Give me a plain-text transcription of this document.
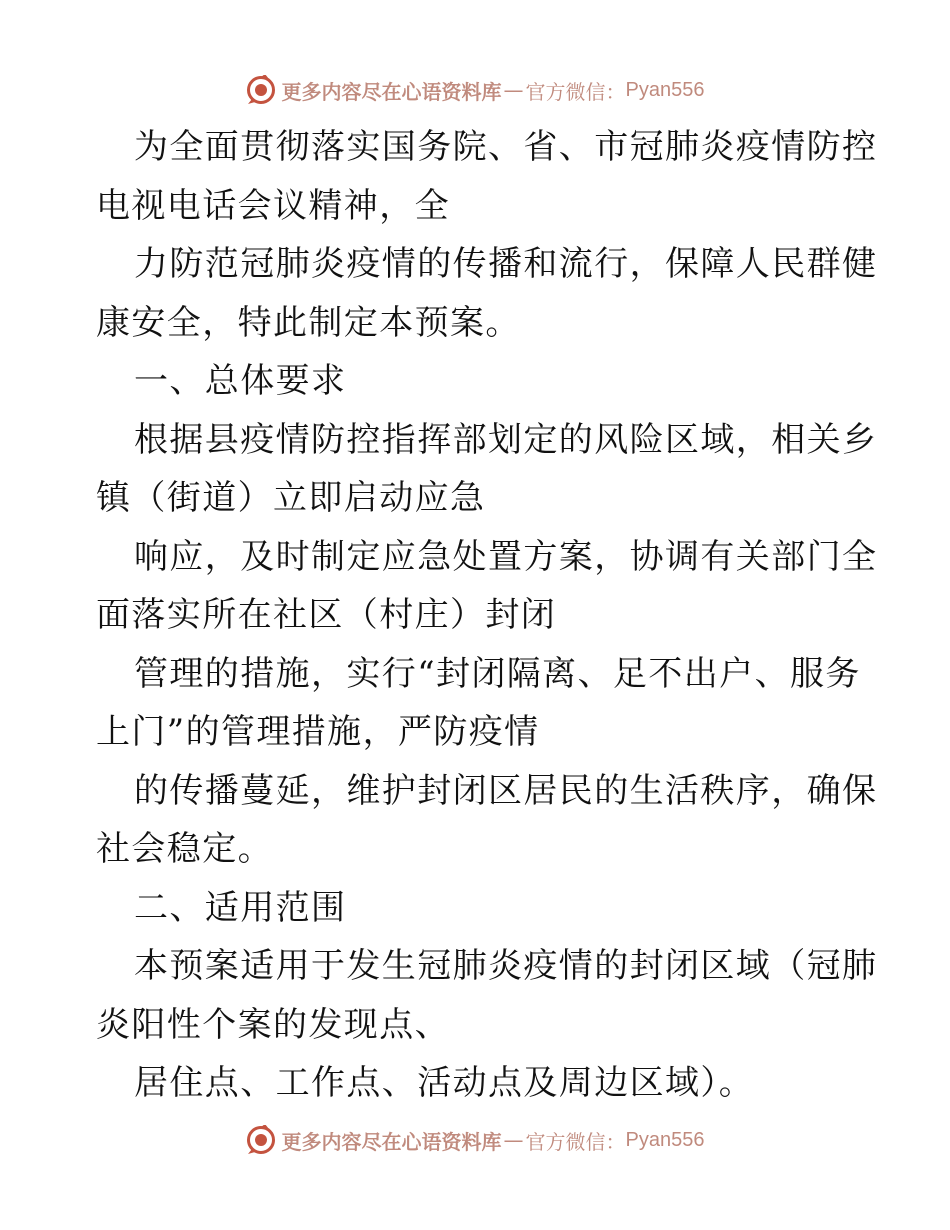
更多内容尽在心语资料库 — 官方微信： Pyan556
为全面贯彻落实国务院、省、市冠肺炎疫情防控
电视电话会议精神，全
力防范冠肺炎疫情的传播和流行，保障人民群健
康安全，特此制定本预案。
一、总体要求
根据县疫情防控指挥部划定的风险区域，相关乡
镇（街道）立即启动应急
响应，及时制定应急处置方案，协调有关部门全
面落实所在社区（村庄）封闭
管理的措施，实行“封闭隔离、足不出户、服务
上门”的管理措施，严防疫情
的传播蔓延，维护封闭区居民的生活秩序，确保
社会稳定。
二、适用范围
本预案适用于发生冠肺炎疫情的封闭区域（冠肺
炎阳性个案的发现点、
居住点、工作点、活动点及周边区域）。
更多内容尽在心语资料库 — 官方微信： Pyan556
